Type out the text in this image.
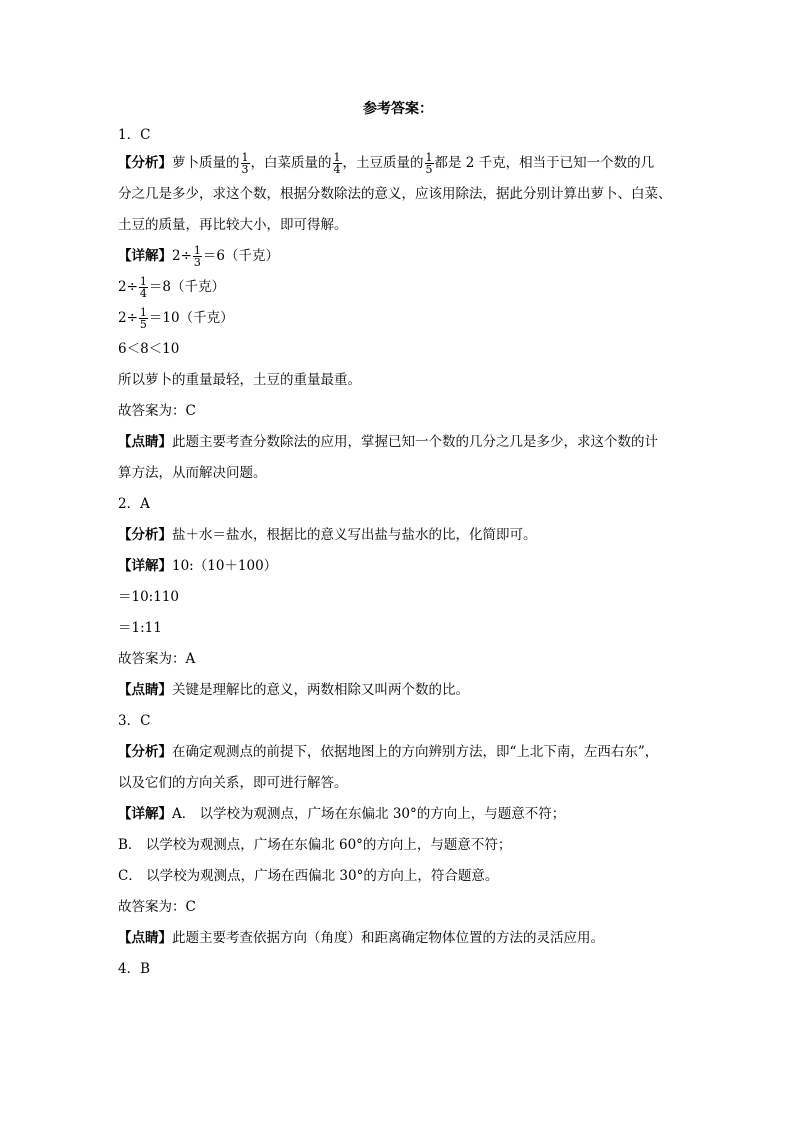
参考答案：
1．C
【分析】萝卜质量的 $\frac{1}{3}$ ，白菜质量的 $\frac{1}{4}$ ，土豆质量的 $\frac{1}{5}$ 都是 2 千克，相当于已知一个数的几
分之几是多少，求这个数，根据分数除法的意义，应该用除法，据此分别计算出萝卜、白菜、
土豆的质量，再比较大小，即可得解。
【详解】$2\div \frac{1}{3} =6$（千克）
$2\div \frac{1}{4} =8$（千克）
$2\div \frac{1}{5} =10$（千克）
6＜8＜10
所以萝卜的重量最轻，土豆的重量最重。
故答案为：C
【点睛】此题主要考查分数除法的应用，掌握已知一个数的几分之几是多少，求这个数的计
算方法，从而解决问题。
2．A
【分析】盐＋水＝盐水，根据比的意义写出盐与盐水的比，化简即可。
【详解】10:（10＋100）
＝10:110
＝1:11
故答案为：A
【点睛】关键是理解比的意义，两数相除又叫两个数的比。
3．C
【分析】在确定观测点的前提下，依据地图上的方向辨别方法，即“上北下南，左西右东”，
以及它们的方向关系，即可进行解答。
【详解】A． 以学校为观测点，广场在东偏北 30°的方向上，与题意不符；
B． 以学校为观测点，广场在东偏北 60°的方向上，与题意不符；
C． 以学校为观测点，广场在西偏北 30°的方向上，符合题意。
故答案为：C
【点睛】此题主要考查依据方向（角度）和距离确定物体位置的方法的灵活应用。
4．B
